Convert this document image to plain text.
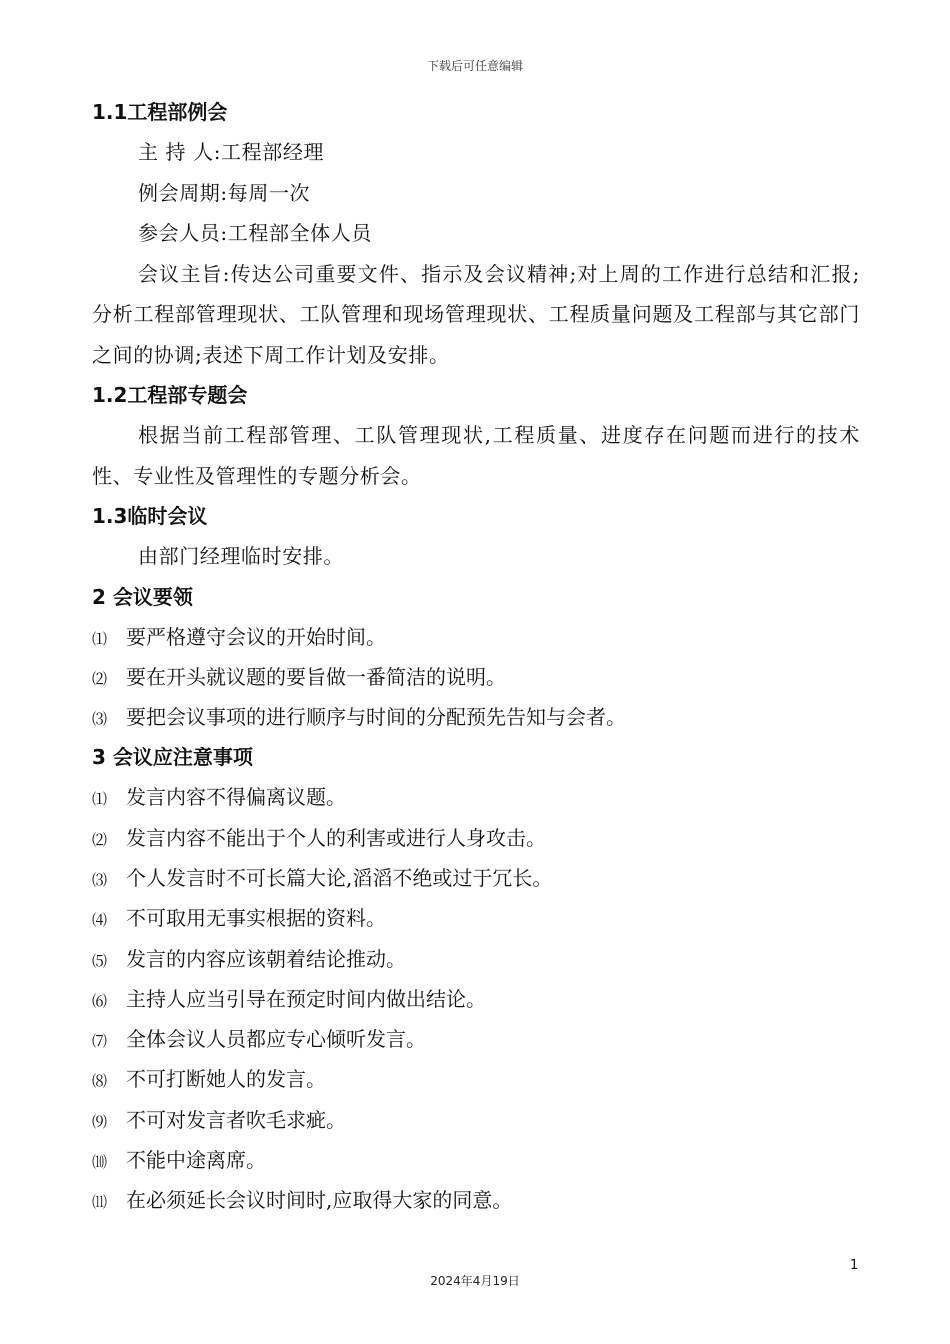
下载后可任意编辑
1.1工程部例会
主 持 人:工程部经理
例会周期:每周一次
参会人员:工程部全体人员
会议主旨:传达公司重要文件、指示及会议精神;对上周的工作进行总结和汇报;分析工程部管理现状、工队管理和现场管理现状、工程质量问题及工程部与其它部门之间的协调;表述下周工作计划及安排。
1.2工程部专题会
根据当前工程部管理、工队管理现状,工程质量、进度存在问题而进行的技术性、专业性及管理性的专题分析会。
1.3临时会议
由部门经理临时安排。
2 会议要领
⑴ 要严格遵守会议的开始时间。
⑵ 要在开头就议题的要旨做一番简洁的说明。
⑶ 要把会议事项的进行顺序与时间的分配预先告知与会者。
3 会议应注意事项
⑴ 发言内容不得偏离议题。
⑵ 发言内容不能出于个人的利害或进行人身攻击。
⑶ 个人发言时不可长篇大论,滔滔不绝或过于冗长。
⑷ 不可取用无事实根据的资料。
⑸ 发言的内容应该朝着结论推动。
⑹ 主持人应当引导在预定时间内做出结论。
⑺ 全体会议人员都应专心倾听发言。
⑻ 不可打断她人的发言。
⑼ 不可对发言者吹毛求疵。
⑽ 不能中途离席。
⑾ 在必须延长会议时间时,应取得大家的同意。
1
2024年4月19日
